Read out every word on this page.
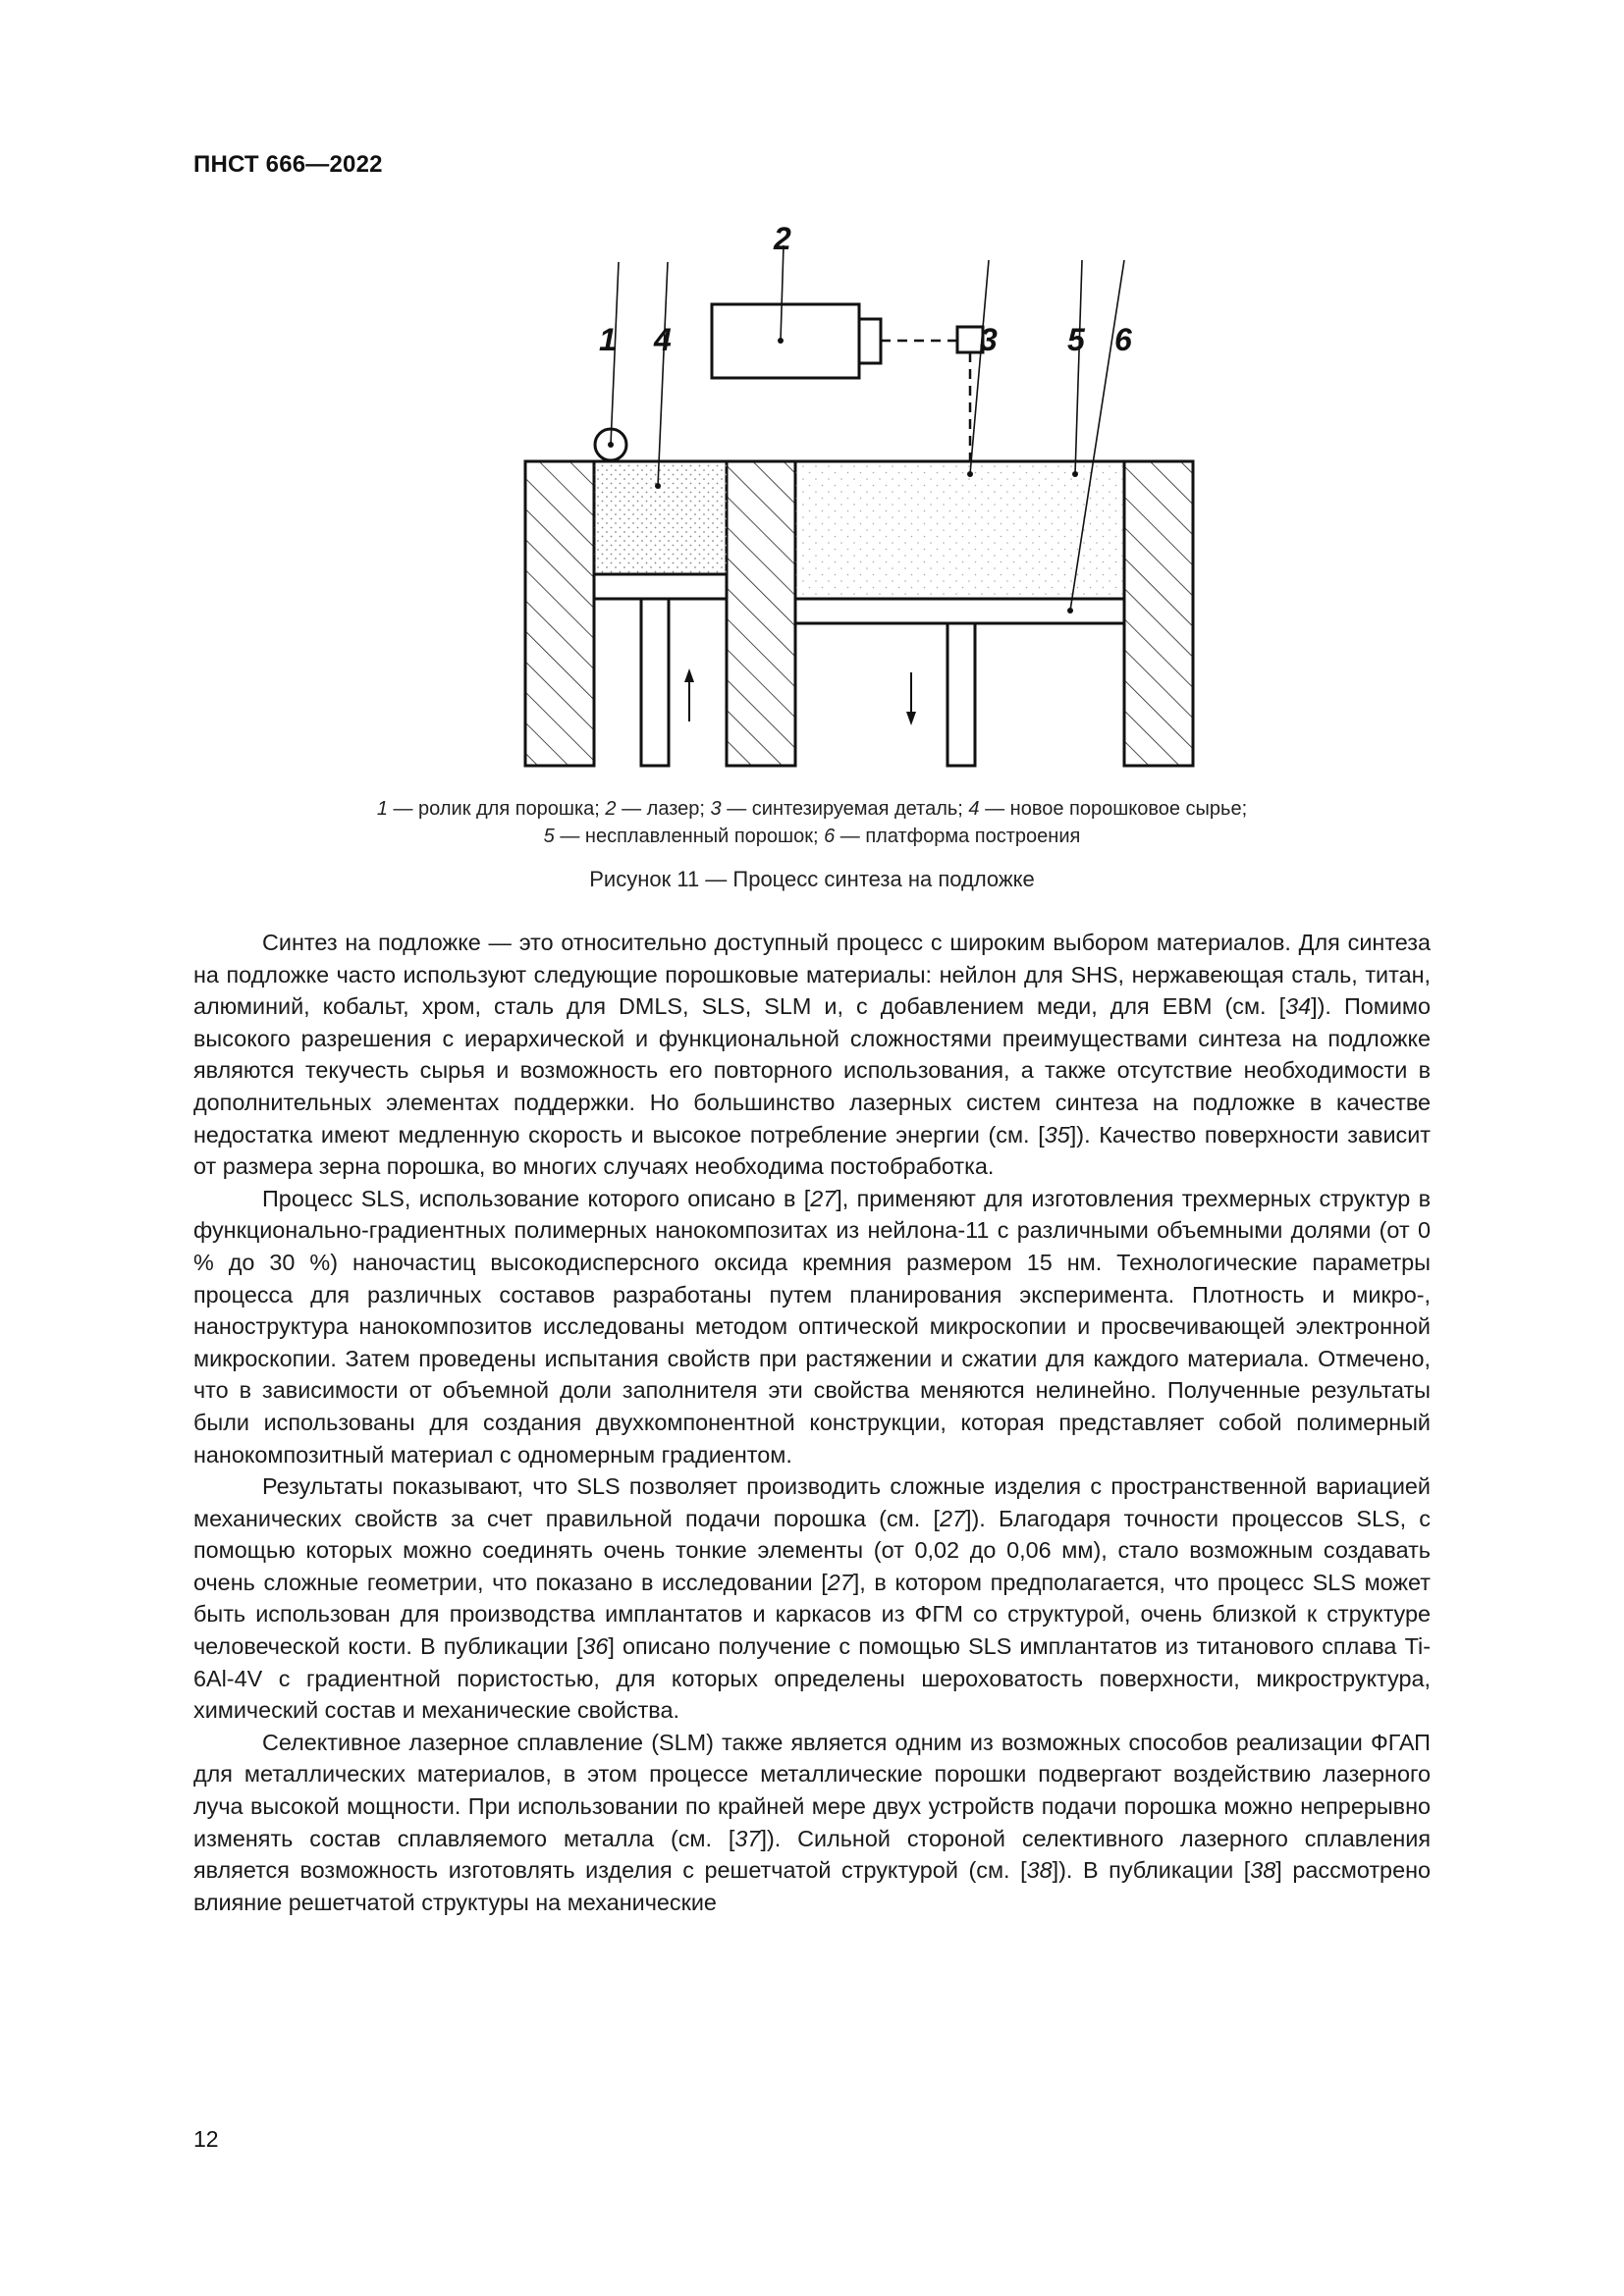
ПНСТ 666—2022
2
1 4	3 5 6
1 — ролик для порошка; 2 — лазер; 3 — синтезируемая деталь; 4 — новое порошковое сырье;
5 — несплавленный порошок; 6 — платформа построения
Рисунок 11 — Процесс синтеза на подложке

Синтез на подложке — это относительно доступный процесс с широким выбором материалов. Для синтеза на подложке часто используют следующие порошковые материалы: нейлон для SHS, нержавеющая сталь, титан, алюминий, кобальт, хром, сталь для DMLS, SLS, SLM и, с добавлением меди, для EBM (см. [34]). Помимо высокого разрешения с иерархической и функциональной сложностями преимуществами синтеза на подложке являются текучесть сырья и возможность его повторного использования, а также отсутствие необходимости в дополнительных элементах поддержки. Но большинство лазерных систем синтеза на подложке в качестве недостатка имеют медленную скорость и высокое потребление энергии (см. [35]). Качество поверхности зависит от размера зерна порошка, во многих случаях необходима постобработка.

Процесс SLS, использование которого описано в [27], применяют для изготовления трехмерных структур в функционально-градиентных полимерных нанокомпозитах из нейлона-11 с различными объемными долями (от 0 % до 30 %) наночастиц высокодисперсного оксида кремния размером 15 нм. Технологические параметры процесса для различных составов разработаны путем планирования эксперимента. Плотность и микро-, наноструктура нанокомпозитов исследованы методом оптической микроскопии и просвечивающей электронной микроскопии. Затем проведены испытания свойств при растяжении и сжатии для каждого материала. Отмечено, что в зависимости от объемной доли заполнителя эти свойства меняются нелинейно. Полученные результаты были использованы для создания двухкомпонентной конструкции, которая представляет собой полимерный нанокомпозитный материал с одномерным градиентом.

Результаты показывают, что SLS позволяет производить сложные изделия с пространственной вариацией механических свойств за счет правильной подачи порошка (см. [27]). Благодаря точности процессов SLS, с помощью которых можно соединять очень тонкие элементы (от 0,02 до 0,06 мм), стало возможным создавать очень сложные геометрии, что показано в исследовании [27], в котором предполагается, что процесс SLS может быть использован для производства имплантатов и каркасов из ФГМ со структурой, очень близкой к структуре человеческой кости. В публикации [36] описано получение с помощью SLS имплантатов из титанового сплава Ti-6Al-4V с градиентной пористостью, для которых определены шероховатость поверхности, микроструктура, химический состав и механические свойства.

Селективное лазерное сплавление (SLM) также является одним из возможных способов реализации ФГАП для металлических материалов, в этом процессе металлические порошки подвергают воздействию лазерного луча высокой мощности. При использовании по крайней мере двух устройств подачи порошка можно непрерывно изменять состав сплавляемого металла (см. [37]). Сильной стороной селективного лазерного сплавления является возможность изготовлять изделия с решетчатой структурой (см. [38]). В публикации [38] рассмотрено влияние решетчатой структуры на механические

12
